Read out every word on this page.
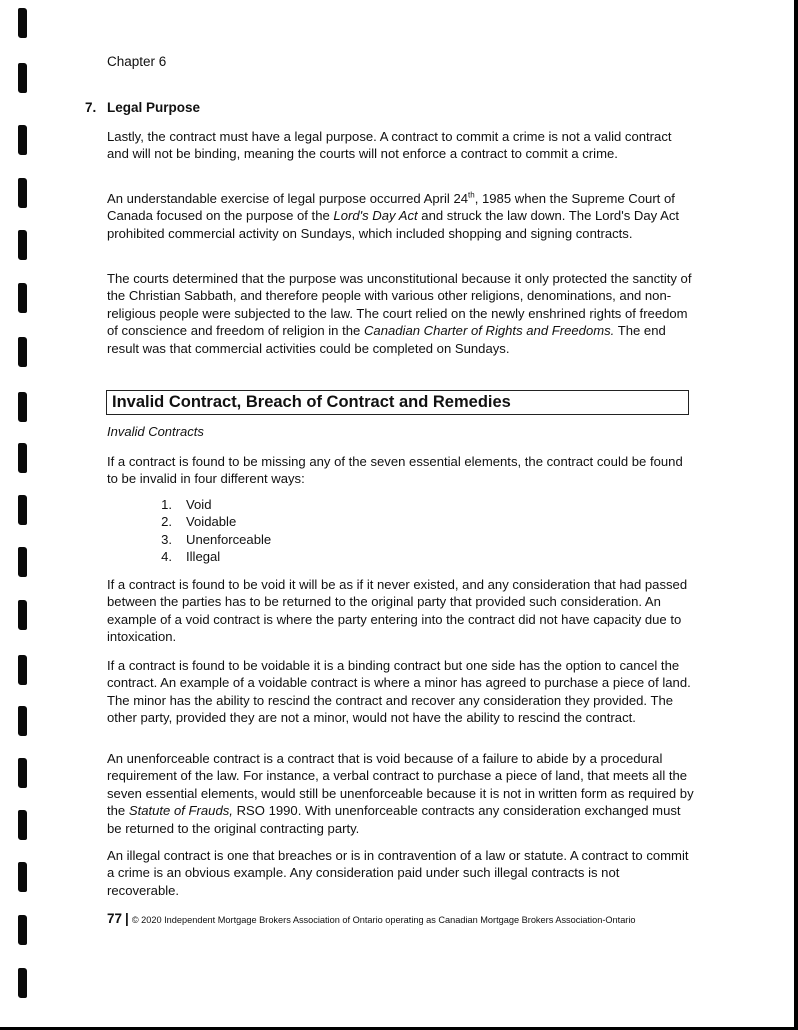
Chapter 6
7. Legal Purpose

Lastly, the contract must have a legal purpose. A contract to commit a crime is not a valid contract and will not be binding, meaning the courts will not enforce a contract to commit a crime.

An understandable exercise of legal purpose occurred April 24th, 1985 when the Supreme Court of Canada focused on the purpose of the Lord's Day Act and struck the law down. The Lord's Day Act prohibited commercial activity on Sundays, which included shopping and signing contracts.

The courts determined that the purpose was unconstitutional because it only protected the sanctity of the Christian Sabbath, and therefore people with various other religions, denominations, and non-religious people were subjected to the law. The court relied on the newly enshrined rights of freedom of conscience and freedom of religion in the Canadian Charter of Rights and Freedoms. The end result was that commercial activities could be completed on Sundays.

Invalid Contract, Breach of Contract and Remedies
Invalid Contracts

If a contract is found to be missing any of the seven essential elements, the contract could be found to be invalid in four different ways:

1. Void
2. Voidable
3. Unenforceable
4. Illegal

If a contract is found to be void it will be as if it never existed, and any consideration that had passed between the parties has to be returned to the original party that provided such consideration. An example of a void contract is where the party entering into the contract did not have capacity due to intoxication.

If a contract is found to be voidable it is a binding contract but one side has the option to cancel the contract. An example of a voidable contract is where a minor has agreed to purchase a piece of land. The minor has the ability to rescind the contract and recover any consideration they provided. The other party, provided they are not a minor, would not have the ability to rescind the contract.

An unenforceable contract is a contract that is void because of a failure to abide by a procedural requirement of the law. For instance, a verbal contract to purchase a piece of land, that meets all the seven essential elements, would still be unenforceable because it is not in written form as required by the Statute of Frauds, RSO 1990. With unenforceable contracts any consideration exchanged must be returned to the original contracting party.

An illegal contract is one that breaches or is in contravention of a law or statute. A contract to commit a crime is an obvious example. Any consideration paid under such illegal contracts is not recoverable.

77 | © 2020 Independent Mortgage Brokers Association of Ontario operating as Canadian Mortgage Brokers Association-Ontario
